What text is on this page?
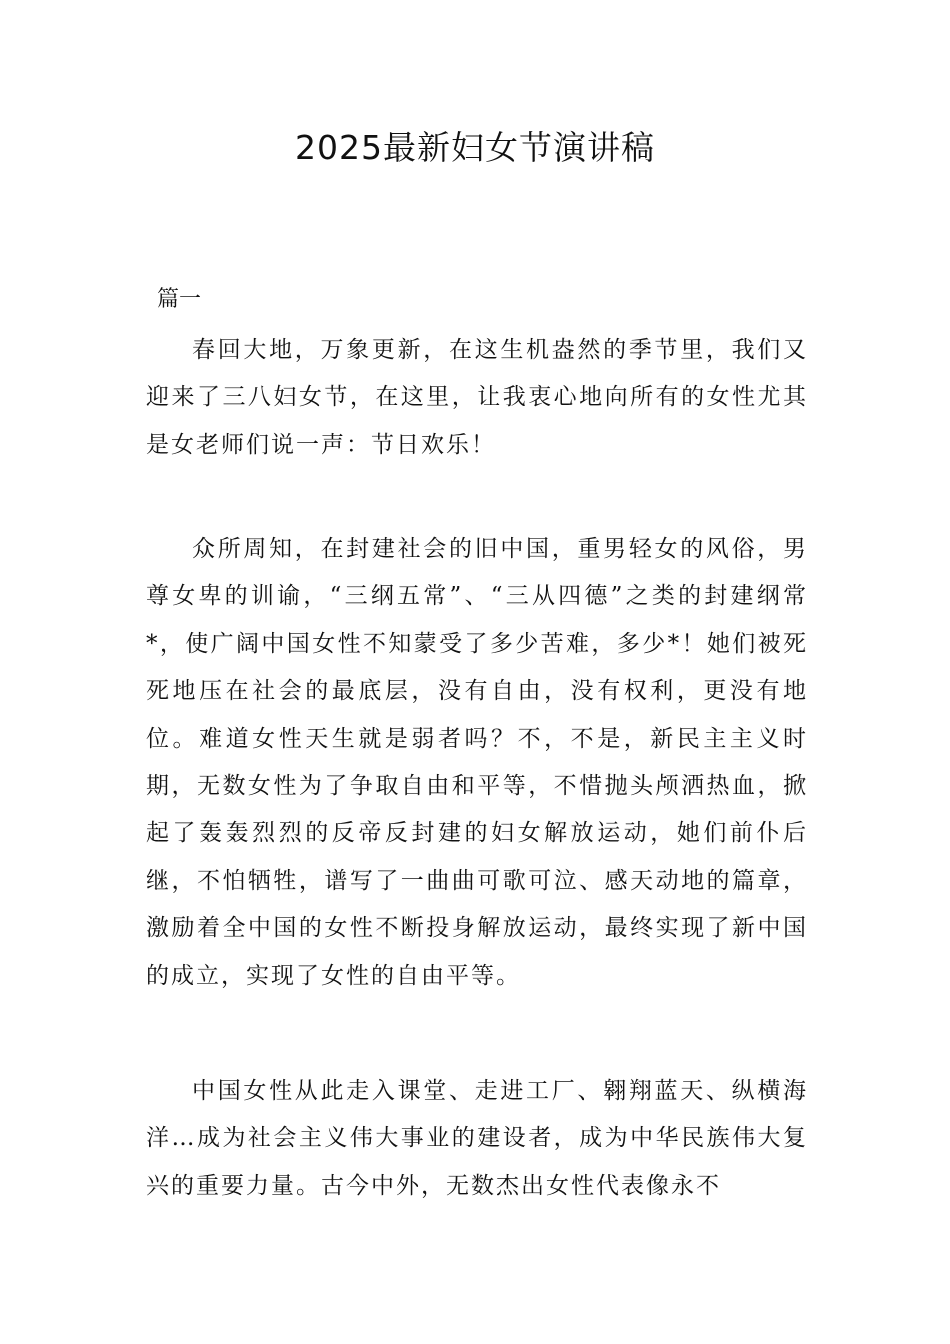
2025最新妇女节演讲稿

篇一

春回大地，万象更新，在这生机盎然的季节里，我们又迎来了三八妇女节，在这里，让我衷心地向所有的女性尤其是女老师们说一声：节日欢乐！

众所周知，在封建社会的旧中国，重男轻女的风俗，男尊女卑的训谕，“三纲五常”、“三从四德”之类的封建纲常*，使广阔中国女性不知蒙受了多少苦难，多少*！她们被死死地压在社会的最底层，没有自由，没有权利，更没有地位。难道女性天生就是弱者吗？不，不是，新民主主义时期，无数女性为了争取自由和平等，不惜抛头颅洒热血，掀起了轰轰烈烈的反帝反封建的妇女解放运动，她们前仆后继，不怕牺牲，谱写了一曲曲可歌可泣、感天动地的篇章，激励着全中国的女性不断投身解放运动，最终实现了新中国的成立，实现了女性的自由平等。

中国女性从此走入课堂、走进工厂、翱翔蓝天、纵横海洋…成为社会主义伟大事业的建设者，成为中华民族伟大复兴的重要力量。古今中外，无数杰出女性代表像永不
